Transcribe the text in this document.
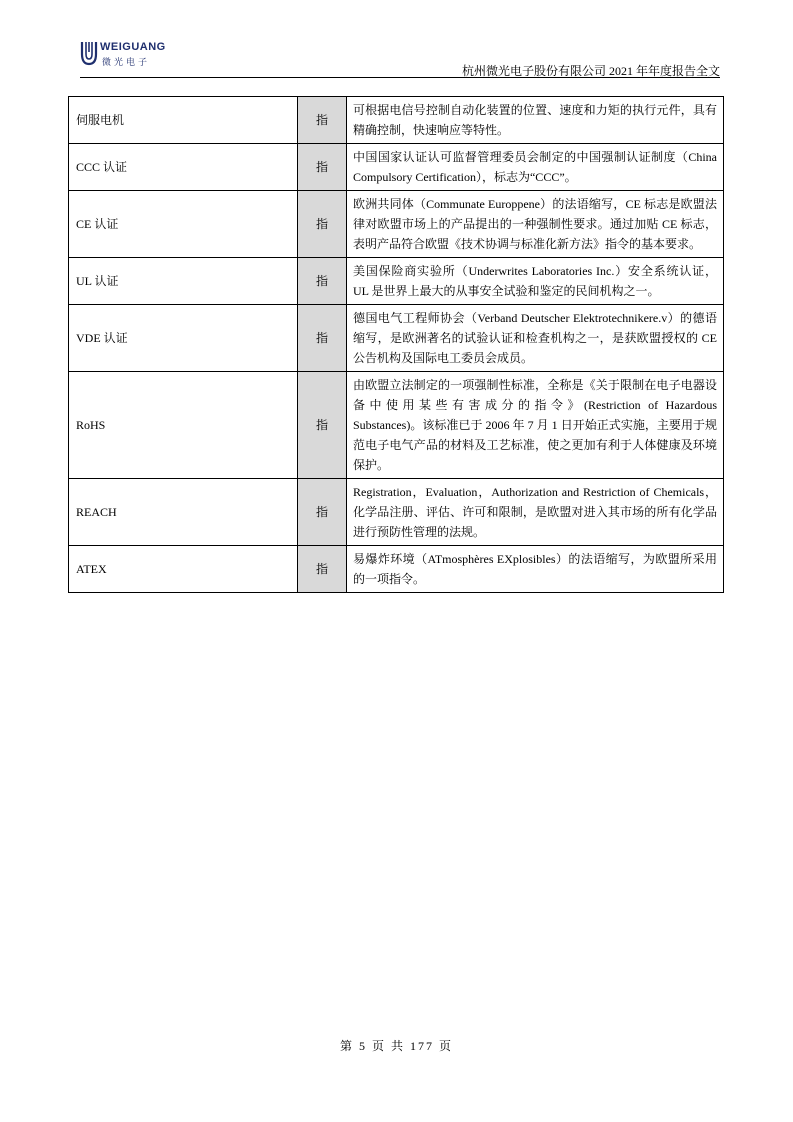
WEIGUANG
微光电子
杭州微光电子股份有限公司 2021 年年度报告全文
伺服电机	指	可根据电信号控制自动化装置的位置、速度和力矩的执行元件，具有精确控制，快速响应等特性。
CCC 认证	指	中国国家认证认可监督管理委员会制定的中国强制认证制度（China Compulsory Certification），标志为“CCC”。
CE 认证	指	欧洲共同体（Communate Europpene）的法语缩写，CE 标志是欧盟法律对欧盟市场上的产品提出的一种强制性要求。通过加贴 CE 标志，表明产品符合欧盟《技术协调与标准化新方法》指令的基本要求。
UL 认证	指	美国保险商实验所（Underwrites Laboratories Inc.）安全系统认证，UL 是世界上最大的从事安全试验和鉴定的民间机构之一。
VDE 认证	指	德国电气工程师协会（Verband Deutscher Elektrotechnikere.v）的德语缩写，是欧洲著名的试验认证和检查机构之一，是获欧盟授权的 CE 公告机构及国际电工委员会成员。
RoHS	指	由欧盟立法制定的一项强制性标准，全称是《关于限制在电子电器设备中使用某些有害成分的指令》(Restriction of Hazardous Substances)。该标准已于 2006 年 7 月 1 日开始正式实施，主要用于规范电子电气产品的材料及工艺标准，使之更加有利于人体健康及环境保护。
REACH	指	Registration，Evaluation，Authorization and Restriction of Chemicals，化学品注册、评估、许可和限制，是欧盟对进入其市场的所有化学品进行预防性管理的法规。
ATEX	指	易爆炸环境（ATmosphères EXplosibles）的法语缩写，为欧盟所采用的一项指令。
第 5 页 共 177 页
